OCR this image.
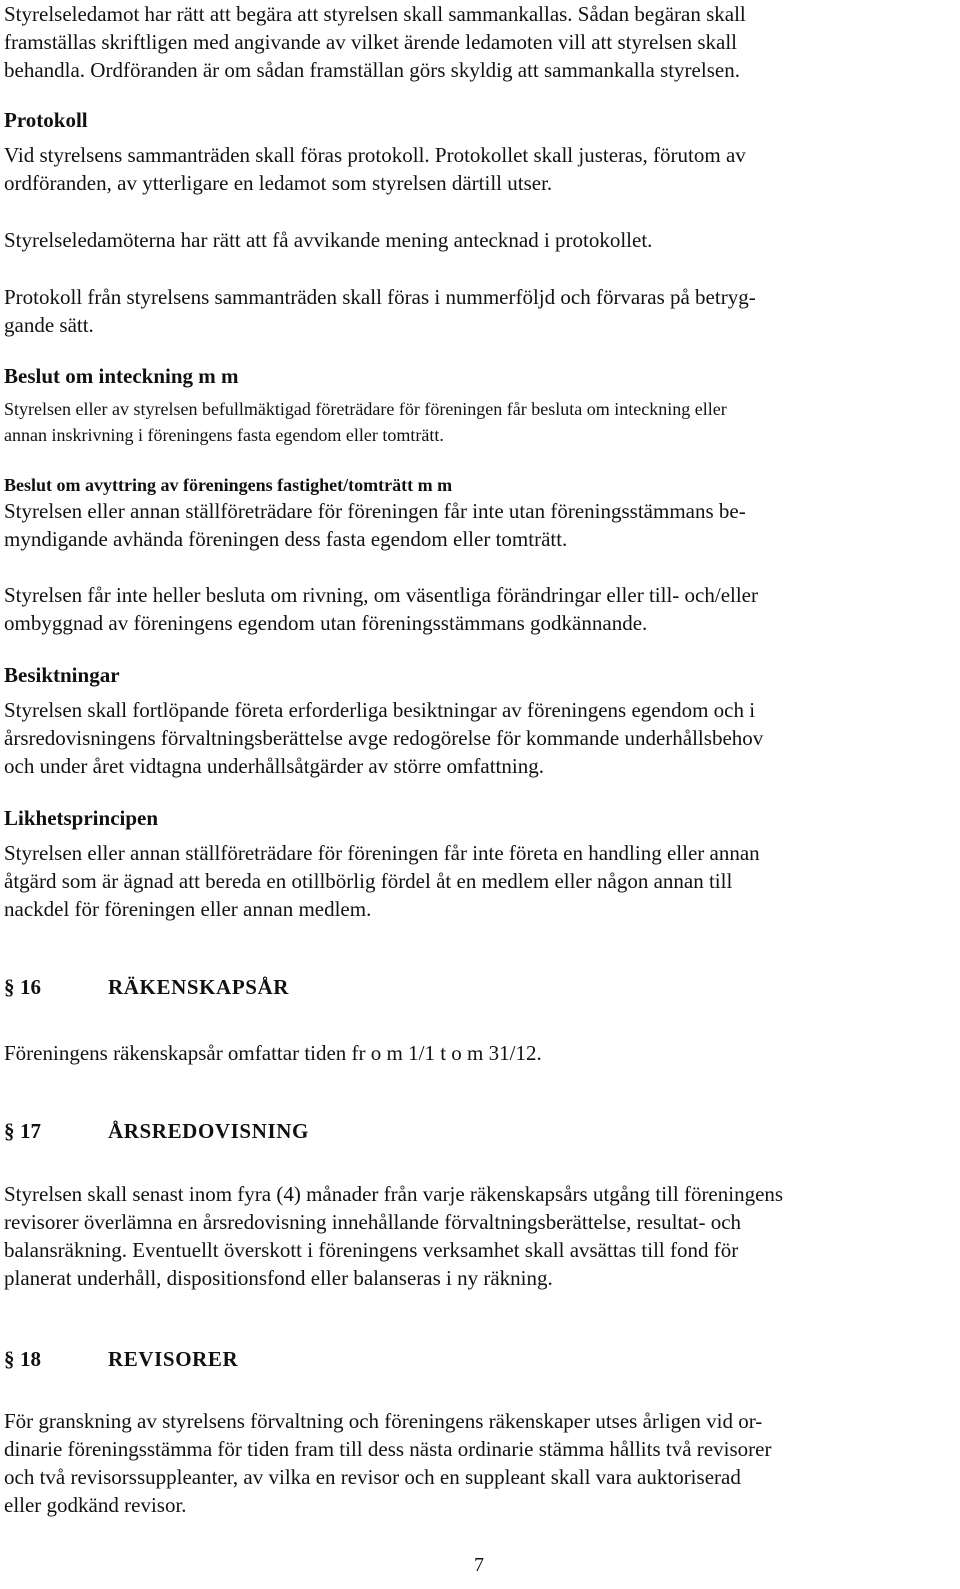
Styrelseledamot har rätt att begära att styrelsen skall sammankallas. Sådan begäran skall
framställas skriftligen med angivande av vilket ärende ledamoten vill att styrelsen skall
behandla. Ordföranden är om sådan framställan görs skyldig att sammankalla styrelsen.
Protokoll
Vid styrelsens sammanträden skall föras protokoll. Protokollet skall justeras, förutom av
ordföranden, av ytterligare en ledamot som styrelsen därtill utser.
Styrelseledamöterna har rätt att få avvikande mening antecknad i protokollet.
Protokoll från styrelsens sammanträden skall föras i nummerföljd och förvaras på betryg-
gande sätt.
Beslut om inteckning m m
Styrelsen eller av styrelsen befullmäktigad företrädare för föreningen får besluta om inteckning eller
annan inskrivning i föreningens fasta egendom eller tomträtt.
Beslut om avyttring av föreningens fastighet/tomträtt m m
Styrelsen eller annan ställföreträdare för föreningen får inte utan föreningsstämmans be-
myndigande avhända föreningen dess fasta egendom eller tomträtt.
Styrelsen får inte heller besluta om rivning, om väsentliga förändringar eller till- och/eller
ombyggnad av föreningens egendom utan föreningsstämmans godkännande.
Besiktningar
Styrelsen skall fortlöpande företa erforderliga besiktningar av föreningens egendom och i
årsredovisningens förvaltningsberättelse avge redogörelse för kommande underhållsbehov
och under året vidtagna underhållsåtgärder av större omfattning.
Likhetsprincipen
Styrelsen eller annan ställföreträdare för föreningen får inte företa en handling eller annan
åtgärd som är ägnad att bereda en otillbörlig fördel åt en medlem eller någon annan till
nackdel för föreningen eller annan medlem.
§ 16	RÄKENSKAPSÅR
Föreningens räkenskapsår omfattar tiden fr o m 1/1 t o m 31/12.
§ 17	ÅRSREDOVISNING
Styrelsen skall senast inom fyra (4) månader från varje räkenskapsårs utgång till föreningens
revisorer överlämna en årsredovisning innehållande förvaltningsberättelse, resultat- och
balansräkning. Eventuellt överskott i föreningens verksamhet skall avsättas till fond för
planerat underhåll, dispositionsfond eller balanseras i ny räkning.
§ 18	REVISORER
För granskning av styrelsens förvaltning och föreningens räkenskaper utses årligen vid or-
dinarie föreningsstämma för tiden fram till dess nästa ordinarie stämma hållits två revisorer
och två revisorssuppleanter, av vilka en revisor och en suppleant skall vara auktoriserad
eller godkänd revisor.
7
